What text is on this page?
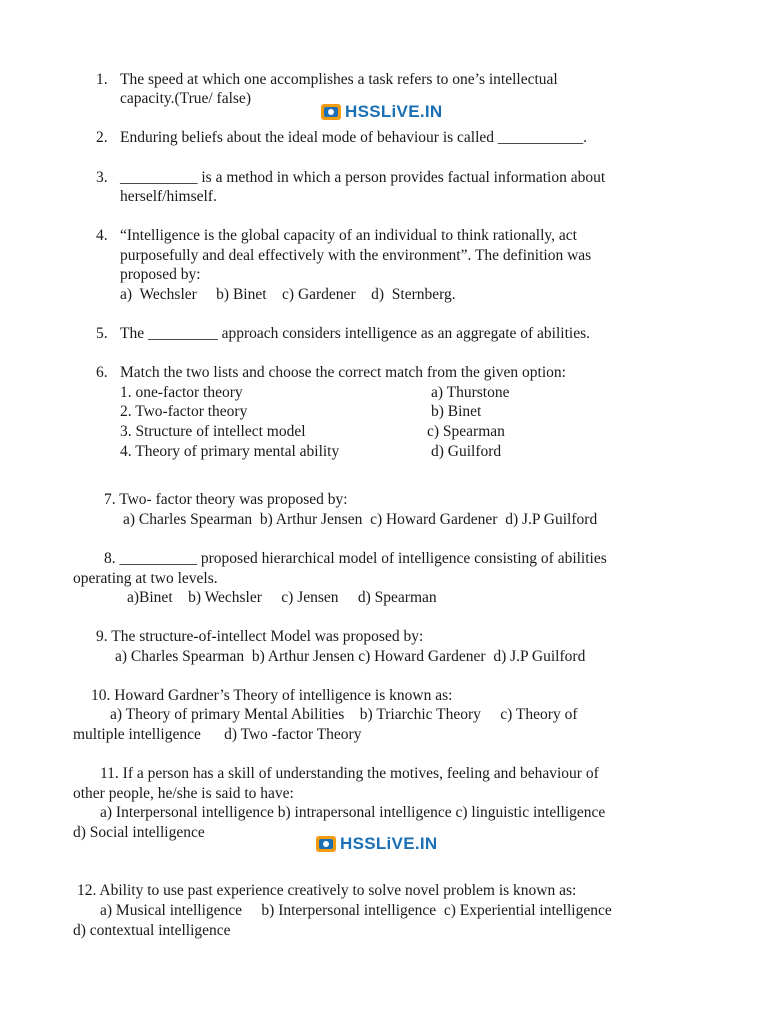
1.
2.
3.
4.
5.
6.
The speed at which one accomplishes a task refers to one’s intellectual
capacity.(True/ false)
HSSLiVE.IN
Enduring beliefs about the ideal mode of behaviour is called ___________.
__________ is a method in which a person provides factual information about
herself/himself.
“Intelligence is the global capacity of an individual to think rationally, act
purposefully and deal effectively with the environment”. The definition was
proposed by:
a)  Wechsler     b) Binet    c) Gardener    d)  Sternberg.
The _________ approach considers intelligence as an aggregate of abilities.
Match the two lists and choose the correct match from the given option:
1. one-factor theory	a) Thurstone
2. Two-factor theory	b) Binet
3. Structure of intellect model	c) Spearman
4. Theory of primary mental ability	d) Guilford
7. Two- factor theory was proposed by:
a) Charles Spearman  b) Arthur Jensen  c) Howard Gardener  d) J.P Guilford
8. __________ proposed hierarchical model of intelligence consisting of abilities
operating at two levels.
a)Binet    b) Wechsler     c) Jensen     d) Spearman
9. The structure-of-intellect Model was proposed by:
a) Charles Spearman  b) Arthur Jensen c) Howard Gardener  d) J.P Guilford
10. Howard Gardner’s Theory of intelligence is known as:
a) Theory of primary Mental Abilities    b) Triarchic Theory     c) Theory of
multiple intelligence      d) Two -factor Theory
11. If a person has a skill of understanding the motives, feeling and behaviour of
other people, he/she is said to have:
a) Interpersonal intelligence b) intrapersonal intelligence c) linguistic intelligence
d) Social intelligence
HSSLiVE.IN
12. Ability to use past experience creatively to solve novel problem is known as:
a) Musical intelligence     b) Interpersonal intelligence  c) Experiential intelligence
d) contextual intelligence
